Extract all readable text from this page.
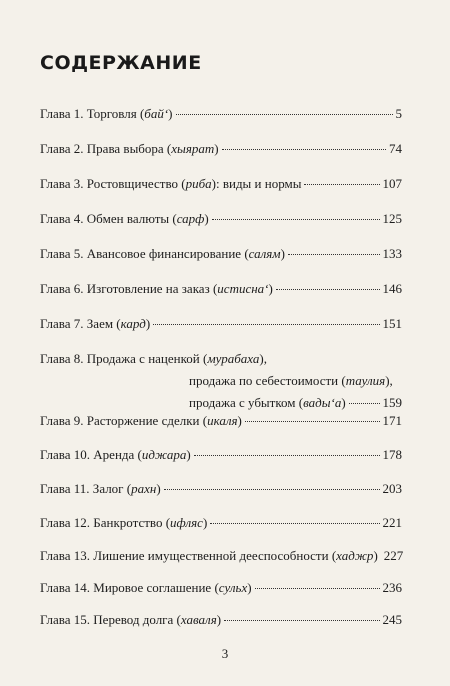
СОДЕРЖАНИЕ
Глава 1. Торговля (бай‘)	5
Глава 2. Права выбора (хыярат)	74
Глава 3. Ростовщичество (риба): виды и нормы	107
Глава 4. Обмен валюты (сарф)	125
Глава 5. Авансовое финансирование (салям)	133
Глава 6. Изготовление на заказ (истисна‘)	146
Глава 7. Заем (кард)	151
Глава 8. Продажа с наценкой (мурабаха),
продажа по себестоимости (таулия),
продажа с убытком (вады‘а)	159
Глава 9. Расторжение сделки (икаля)	171
Глава 10. Аренда (иджара)	178
Глава 11. Залог (рахн)	203
Глава 12. Банкротство (ифляс)	221
Глава 13. Лишение имущественной дееспособности (хаджр) 227
Глава 14. Мировое соглашение (сульх)	236
Глава 15. Перевод долга (хаваля)	245
3
